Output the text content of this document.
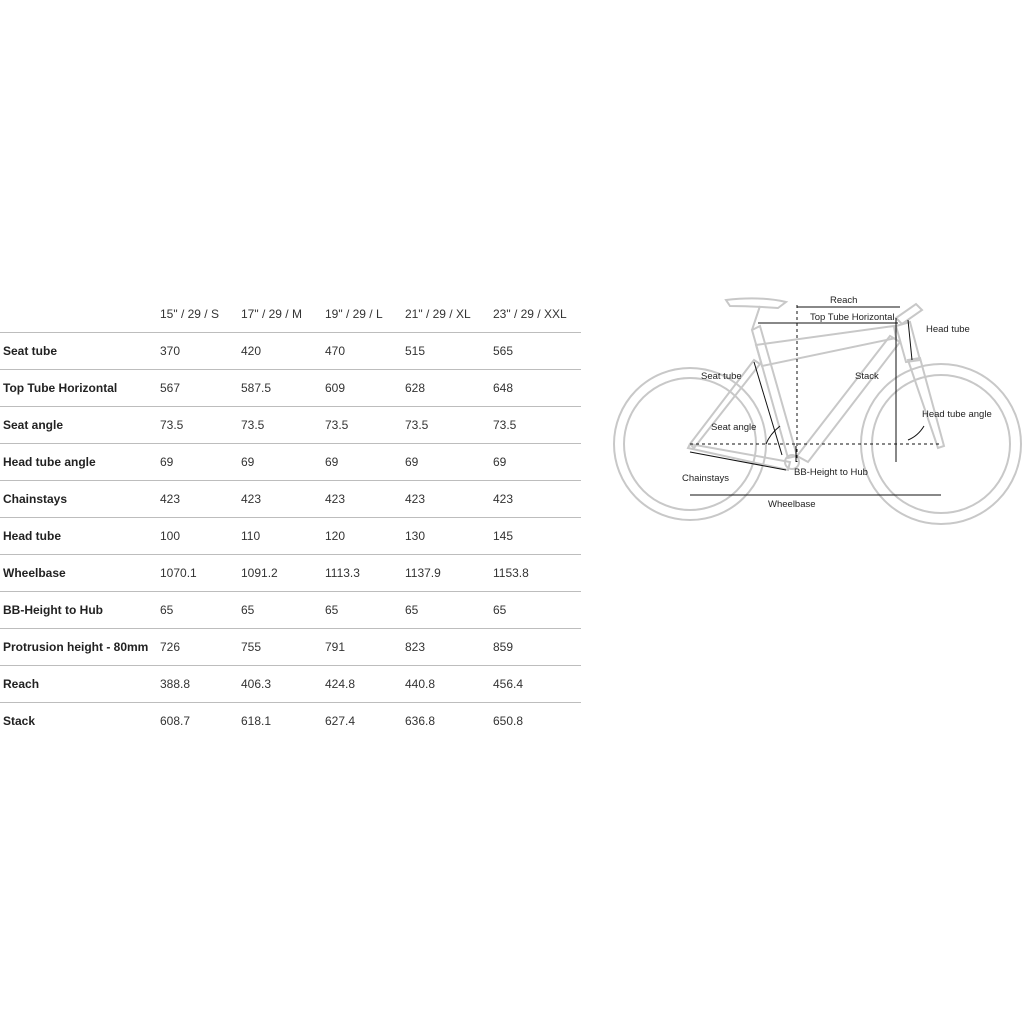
	15" / 29 / S	17" / 29 / M	19" / 29 / L	21" / 29 / XL	23" / 29 / XXL
Seat tube	370	420	470	515	565
Top Tube Horizontal	567	587.5	609	628	648
Seat angle	73.5	73.5	73.5	73.5	73.5
Head tube angle	69	69	69	69	69
Chainstays	423	423	423	423	423
Head tube	100	110	120	130	145
Wheelbase	1070.1	1091.2	1113.3	1137.9	1153.8
BB-Height to Hub	65	65	65	65	65
Protrusion height - 80mm	726	755	791	823	859
Reach	388.8	406.3	424.8	440.8	456.4
Stack	608.7	618.1	627.4	636.8	650.8
Reach
Top Tube Horizontal
Head tube
Seat tube	Stack
Head tube angle
Seat angle
BB-Height to Hub
Chainstays
Wheelbase
